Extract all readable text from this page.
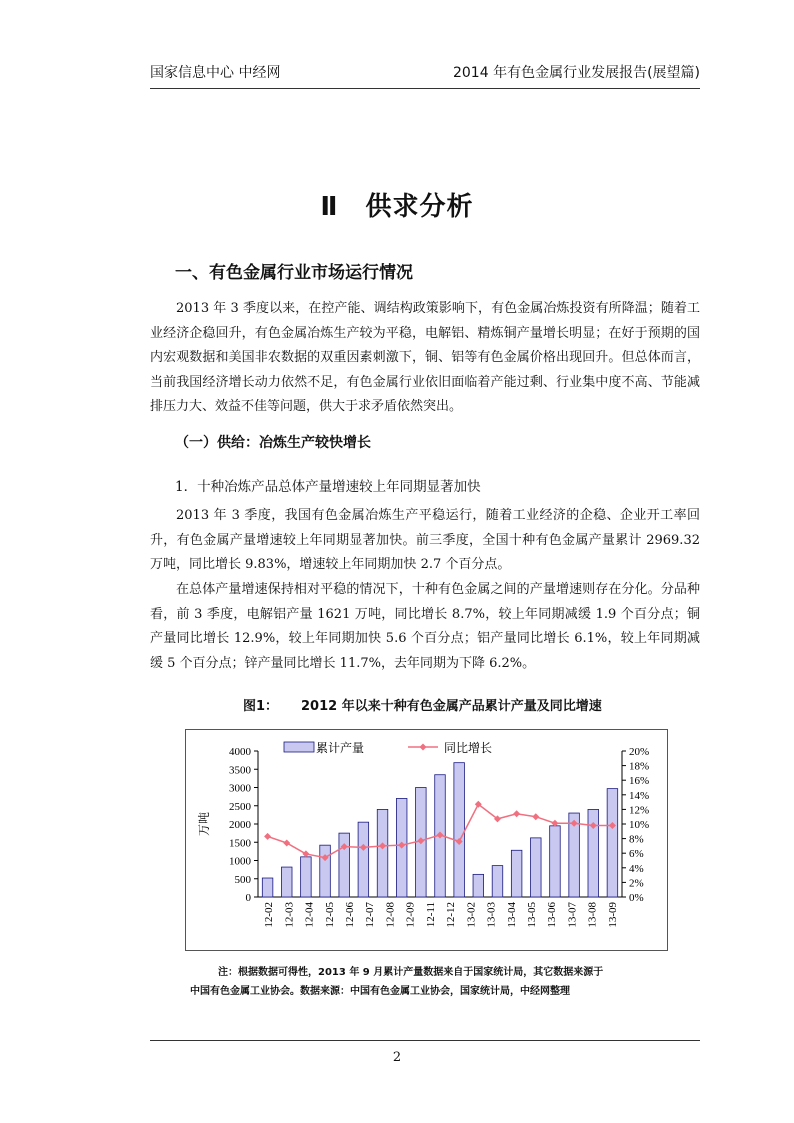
国家信息中心 中经网	2014 年有色金属行业发展报告(展望篇)
Ⅱ　供求分析
一、有色金属行业市场运行情况
2013 年 3 季度以来，在控产能、调结构政策影响下，有色金属冶炼投资有所降温；随着工业经济企稳回升，有色金属冶炼生产较为平稳，电解铝、精炼铜产量增长明显；在好于预期的国内宏观数据和美国非农数据的双重因素刺激下，铜、铝等有色金属价格出现回升。但总体而言，当前我国经济增长动力依然不足，有色金属行业依旧面临着产能过剩、行业集中度不高、节能减排压力大、效益不佳等问题，供大于求矛盾依然突出。
（一）供给：冶炼生产较快增长
1．十种冶炼产品总体产量增速较上年同期显著加快
2013 年 3 季度，我国有色金属冶炼生产平稳运行，随着工业经济的企稳、企业开工率回升，有色金属产量增速较上年同期显著加快。前三季度，全国十种有色金属产量累计 2969.32 万吨，同比增长 9.83%，增速较上年同期加快 2.7 个百分点。
在总体产量增速保持相对平稳的情况下，十种有色金属之间的产量增速则存在分化。分品种看，前 3 季度，电解铝产量 1621 万吨，同比增长 8.7%，较上年同期减缓 1.9 个百分点；铜产量同比增长 12.9%，较上年同期加快 5.6 个百分点；铝产量同比增长 6.1%，较上年同期减缓 5 个百分点；锌产量同比增长 11.7%，去年同期为下降 6.2%。
图1： 2012 年以来十种有色金属产品累计产量及同比增速
4000
3500
3000
2500
2000
1500
1000
500
0
20%
18%
16%
14%
12%
10%
8%
6%
4%
2%
0%
万吨
12-02 12-03 12-04 12-05 12-06 12-07 12-08 12-09 12-11 12-12 13-02 13-03 13-04 13-05 13-06 13-07 13-08 13-09
累计产量	同比增长
注：根据数据可得性，2013 年 9 月累计产量数据来自于国家统计局，其它数据来源于
中国有色金属工业协会。数据来源：中国有色金属工业协会，国家统计局，中经网整理
2
